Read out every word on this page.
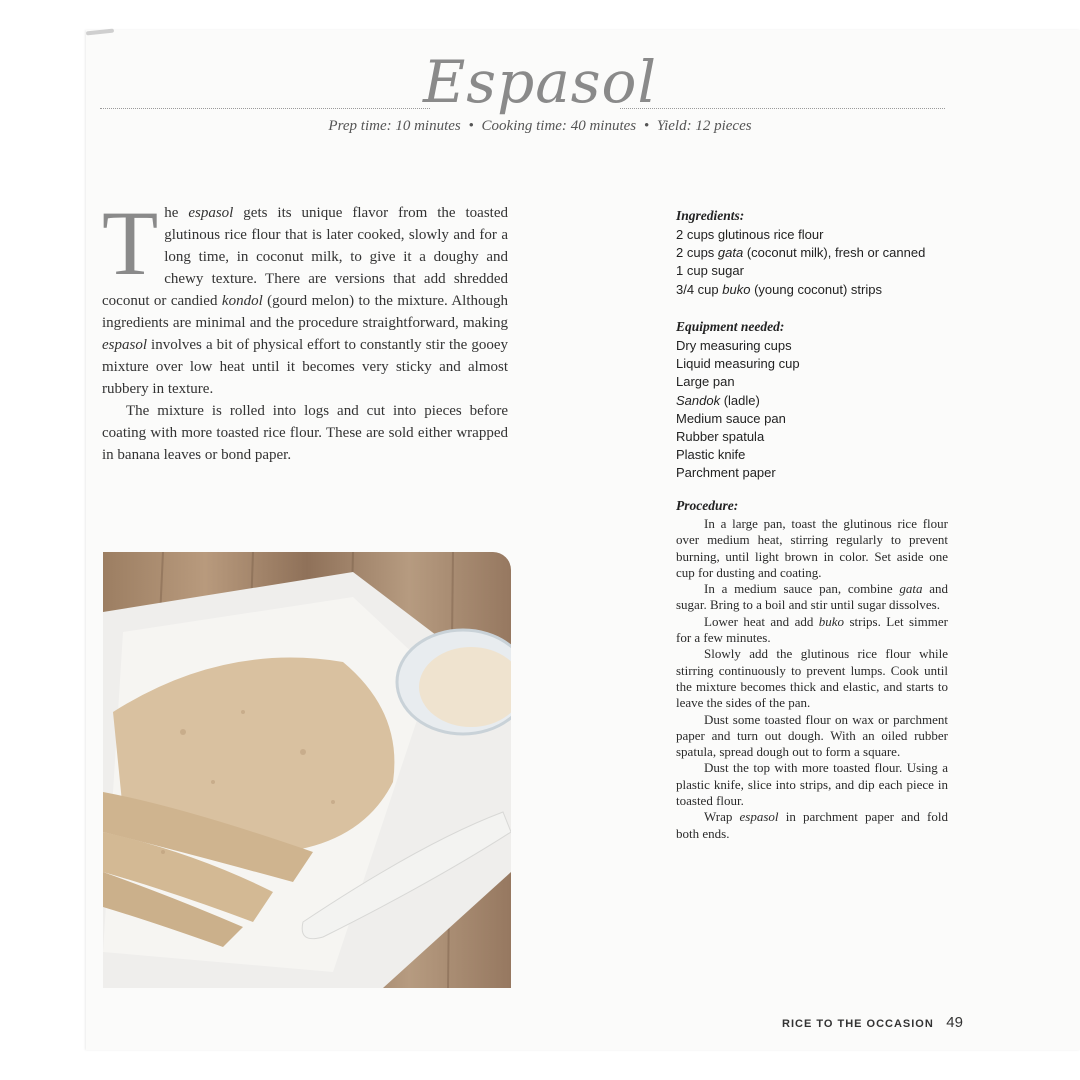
Espasol
Prep time: 10 minutes • Cooking time: 40 minutes • Yield: 12 pieces

The espasol gets its unique flavor from the toasted glutinous rice flour that is later cooked, slowly and for a long time, in coconut milk, to give it a doughy and chewy texture. There are versions that add shredded coconut or candied kondol (gourd melon) to the mixture. Although ingredients are minimal and the procedure straightforward, making espasol involves a bit of physical effort to constantly stir the gooey mixture over low heat until it becomes very sticky and almost rubbery in texture.

The mixture is rolled into logs and cut into pieces before coating with more toasted rice flour. These are sold either wrapped in banana leaves or bond paper.

Ingredients:
2 cups glutinous rice flour
2 cups gata (coconut milk), fresh or canned
1 cup sugar
3/4 cup buko (young coconut) strips
Equipment needed:
Dry measuring cups
Liquid measuring cup
Large pan
Sandok (ladle)
Medium sauce pan
Rubber spatula
Plastic knife
Parchment paper
Procedure:

In a large pan, toast the glutinous rice flour over medium heat, stirring regularly to prevent burning, until light brown in color. Set aside one cup for dusting and coating.

In a medium sauce pan, combine gata and sugar. Bring to a boil and stir until sugar dissolves.

Lower heat and add buko strips. Let simmer for a few minutes.

Slowly add the glutinous rice flour while stirring continuously to prevent lumps. Cook until the mixture becomes thick and elastic, and starts to leave the sides of the pan.

Dust some toasted flour on wax or parchment paper and turn out dough. With an oiled rubber spatula, spread dough out to form a square.

Dust the top with more toasted flour. Using a plastic knife, slice into strips, and dip each piece in toasted flour.

Wrap espasol in parchment paper and fold both ends.

RICE TO THE OCCASION 49
